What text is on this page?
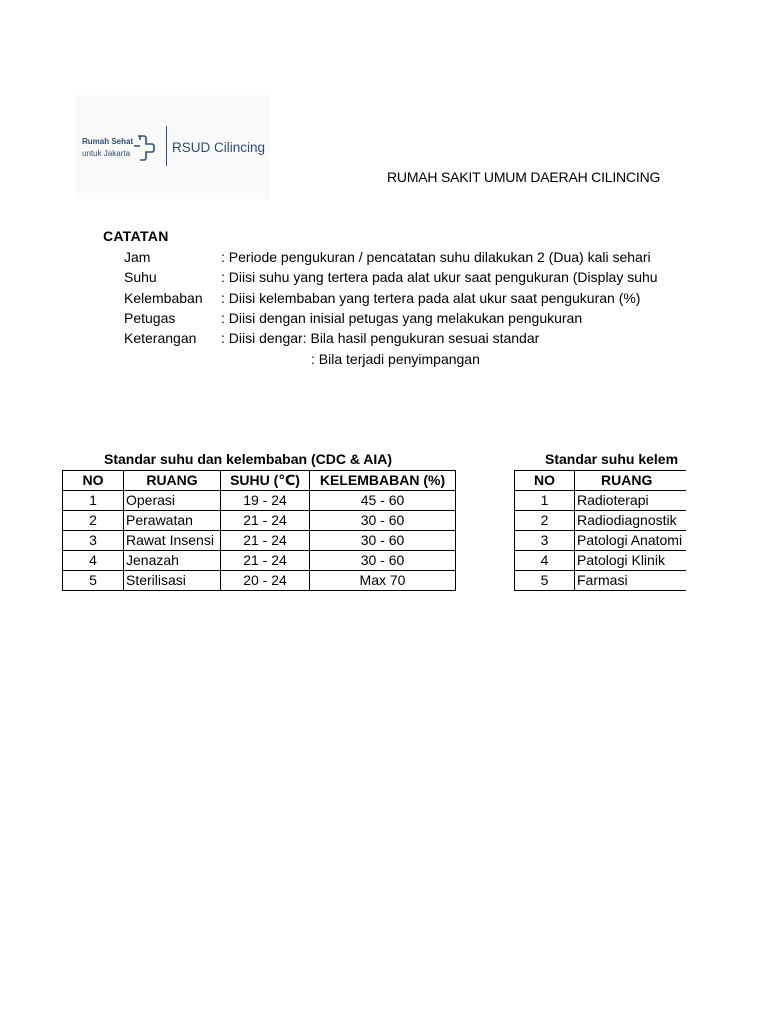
Rumah Sehat
untuk Jakarta	RSUD Cilincing
RUMAH SAKIT UMUM DAERAH CILINCING
CATATAN
Jam	: Periode pengukuran / pencatatan suhu dilakukan 2 (Dua) kali sehari
Suhu	: Diisi suhu yang tertera pada alat ukur saat pengukuran (Display suhu
Kelembaban : Diisi kelembaban yang tertera pada alat ukur saat pengukuran (%)
Petugas	: Diisi dengan inisial petugas yang melakukan pengukuran
Keterangan : Diisi dengar: Bila hasil pengukuran sesuai standar
: Bila terjadi penyimpangan
Standar suhu dan kelembaban (CDC & AIA)
NO	RUANG	SUHU (℃)	KELEMBABAN (%)
1	Operasi	19 - 24	45 - 60
2	Perawatan	21 - 24	30 - 60
3	Rawat Insensi	21 - 24	30 - 60
4	Jenazah	21 - 24	30 - 60
5	Sterilisasi	20 - 24	Max 70
Standar suhu kelem
NO	RUANG
1	Radioterapi
2	Radiodiagnostik
3	Patologi Anatomi
4	Patologi Klinik
5	Farmasi
